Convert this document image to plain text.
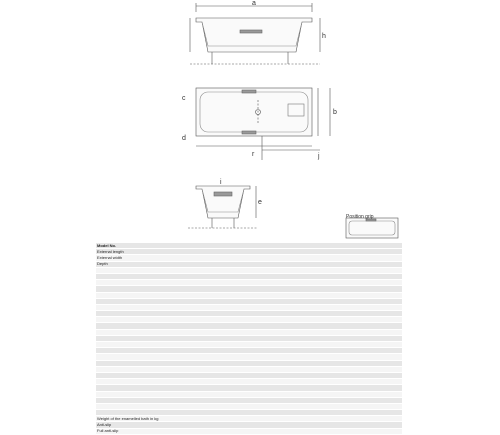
a
h
b
j
r
d
c
e
i
Position grip
Model No.							
External length							
External width							
Depth							

Weight of the enamelled bath in kg							
Anti-slip							
Full anti-slip							
